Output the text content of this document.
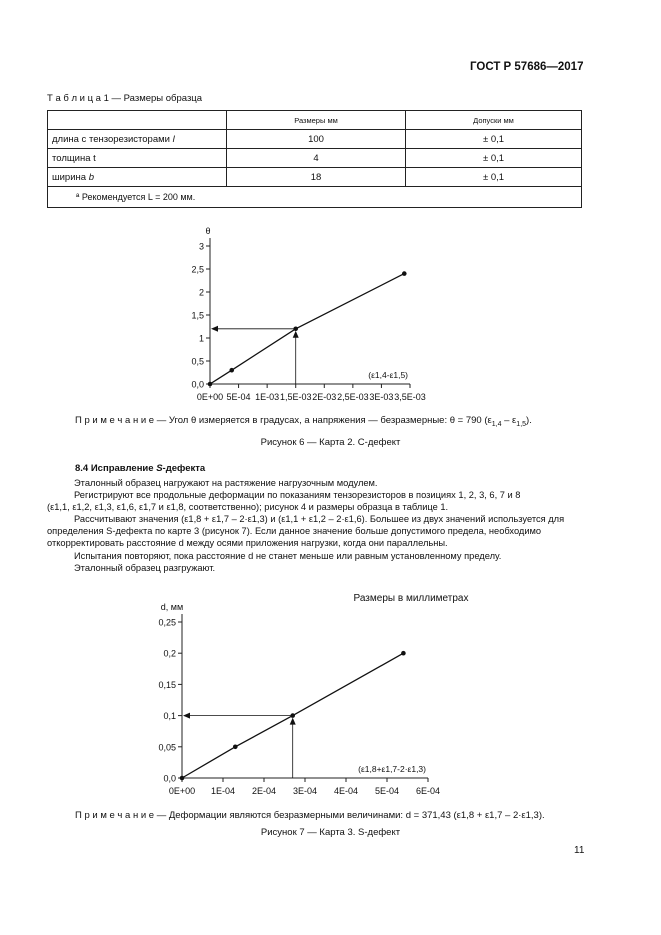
ГОСТ Р 57686—2017
Т а б л и ц а 1 — Размеры образца
	Размеры мм	Допуски мм
длина с тензорезисторами l	100	± 0,1
толщина t	4	± 0,1
ширина b	18	± 0,1
ª Рекомендуется L = 200 мм.		
0,0
0,5
1
1,5
2
2,5
3
0E+00 5E-04 1E-03 1,5E-03 2E-03 2,5E-03 3E-03 3,5E-03
θ
(ε1,4-ε1,5)
П р и м е ч а н и е — Угол θ измеряется в градусах, а напряжения — безразмерные: θ = 790 $(\varepsilon_{1,4} - \varepsilon_{1,5})$.
Рисунок 6 — Карта 2. C-дефект
8.4 Исправление S-дефекта

Эталонный образец нагружают на растяжение нагрузочным модулем.

Регистрируют все продольные деформации по показаниям тензорезисторов в позициях 1, 2, 3, 6, 7 и 8

(ε1,1, ε1,2, ε1,3, ε1,6, ε1,7 и ε1,8, соответственно); рисунок 4 и размеры образца в таблице 1.

Рассчитывают значения (ε1,8 + ε1,7 – 2·ε1,3) и (ε1,1 + ε1,2 – 2·ε1,6). Большее из двух значений используется для

определения S-дефекта по карте 3 (рисунок 7). Если данное значение больше допустимого предела, необходимо

откорректировать расстояние d между осями приложения нагрузки, когда они параллельны.

Испытания повторяют, пока расстояние d не станет меньше или равным установленному пределу.

Эталонный образец разгружают.

0,0
0,05
0,1
0,15
0,2
0,25
0E+00 1E-04 2E-04 3E-04 4E-04 5E-04 6E-04
d, мм
(ε1,8+ε1,7-2·ε1,3)
Размеры в миллиметрах
П р и м е ч а н и е — Деформации являются безразмерными величинами: d = 371,43 (ε1,8 + ε1,7 – 2·ε1,3).
Рисунок 7 — Карта 3. S-дефект
11
